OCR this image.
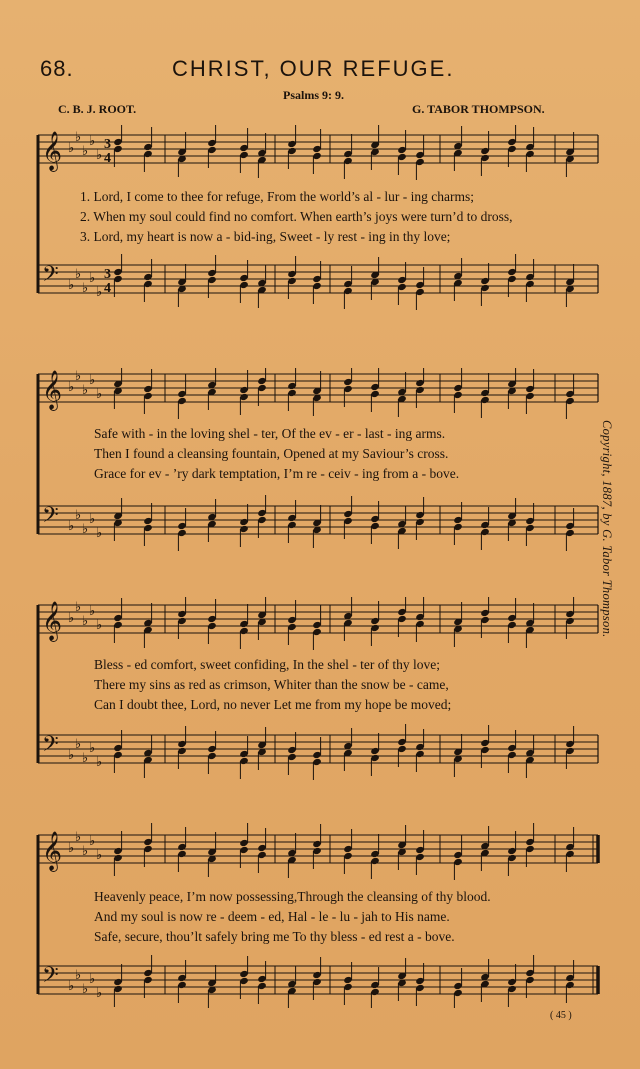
68.	CHRIST, OUR REFUGE.
Psalms 9: 9.
C. B. J. ROOT.	G. TABOR THOMPSON.
𝄞 ♭
♭
♭
♭
♭
3
4
𝄢 ♭
♭
♭
♭
♭
3
4
1. Lord, I come to thee for refuge, From the world’s al - lur - ing charms;
2. When my soul could find no comfort. When earth’s joys were turn’d to dross,
3. Lord, my heart is now a - bid-ing, Sweet - ly rest - ing in thy love;
𝄞 ♭
♭
♭
♭
♭
𝄢 ♭
♭
♭
♭
♭
Safe with - in the loving shel - ter, Of the ev - er - last - ing arms.
Then I found a cleansing fountain, Opened at my Saviour’s cross.
Grace for ev - ’ry dark temptation, I’m re - ceiv - ing from a - bove.
𝄞 ♭
♭
♭
♭
♭
𝄢 ♭
♭
♭
♭
♭
Bless - ed comfort, sweet confiding, In the shel - ter of thy love;
There my sins as red as crimson, Whiter than the snow be - came,
Can I doubt thee, Lord, no never Let me from my hope be moved;
𝄞 ♭
♭
♭
♭
♭
𝄢 ♭
♭
♭
♭
♭
Heavenly peace, I’m now possessing,Through the cleansing of thy blood.
And my soul is now re - deem - ed, Hal - le - lu - jah to His name.
Safe, secure, thou’lt safely bring me To thy bless - ed rest a - bove.
Copyright, 1887, by G. Tabor Thompson.
( 45 )
